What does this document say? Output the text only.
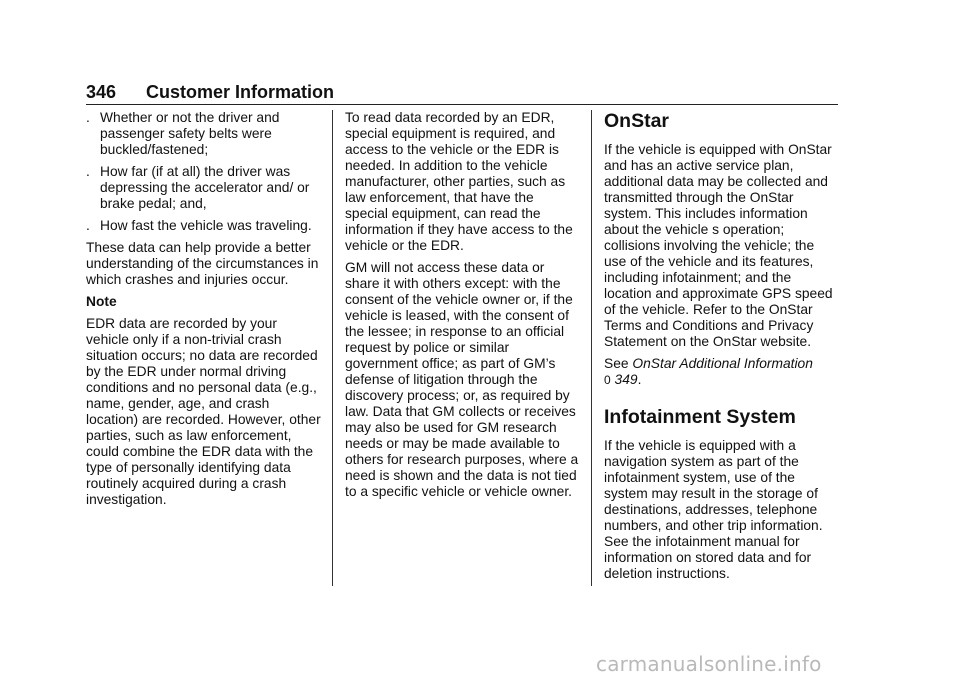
346 Customer Information
. Whether or not the driver and passenger safety belts were buckled/fastened;
. How far (if at all) the driver was depressing the accelerator and/ or brake pedal; and,
. How fast the vehicle was traveling.

These data can help provide a better understanding of the circumstances in which crashes and injuries occur.

Note

EDR data are recorded by your vehicle only if a non-trivial crash situation occurs; no data are recorded by the EDR under normal driving conditions and no personal data (e.g., name, gender, age, and crash location) are recorded. However, other parties, such as law enforcement, could combine the EDR data with the type of personally identifying data routinely acquired during a crash investigation.

To read data recorded by an EDR, special equipment is required, and access to the vehicle or the EDR is needed. In addition to the vehicle manufacturer, other parties, such as law enforcement, that have the special equipment, can read the information if they have access to the vehicle or the EDR.

GM will not access these data or share it with others except: with the consent of the vehicle owner or, if the vehicle is leased, with the consent of the lessee; in response to an official request by police or similar government office; as part of GM’s defense of litigation through the discovery process; or, as required by law. Data that GM collects or receives may also be used for GM research needs or may be made available to others for research purposes, where a need is shown and the data is not tied to a specific vehicle or vehicle owner.

OnStar

If the vehicle is equipped with OnStar and has an active service plan, additional data may be collected and transmitted through the OnStar system. This includes information about the vehicle s operation; collisions involving the vehicle; the use of the vehicle and its features, including infotainment; and the location and approximate GPS speed of the vehicle. Refer to the OnStar Terms and Conditions and Privacy Statement on the OnStar website.

See OnStar Additional Information
0 349.

Infotainment System

If the vehicle is equipped with a navigation system as part of the infotainment system, use of the system may result in the storage of destinations, addresses, telephone numbers, and other trip information. See the infotainment manual for information on stored data and for deletion instructions.

carmanualsonline.info
